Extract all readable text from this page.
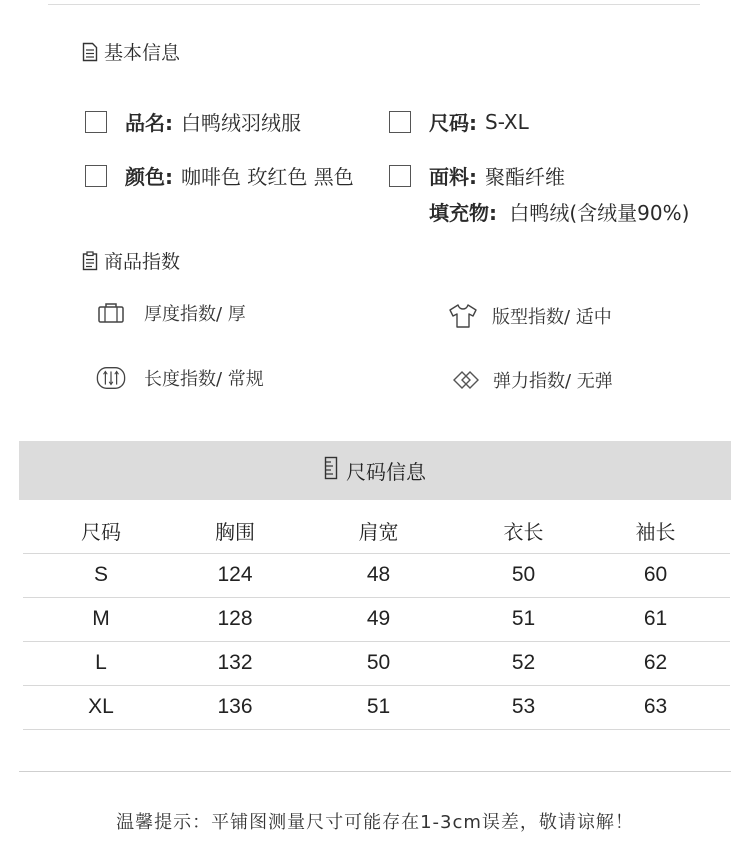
基本信息
品名: 白鸭绒羽绒服	尺码: S-XL
颜色: 咖啡色 玫红色 黑色	面料: 聚酯纤维
填充物: 白鸭绒(含绒量90%)
商品指数
厚度指数/ 厚	版型指数/ 适中
长度指数/ 常规	弹力指数/ 无弹
尺码信息
尺码	胸围	肩宽	衣长	袖长
S	124	48	50	60
M	128	49	51	61
L	132	50	52	62
XL	136	51	53	63
温馨提示：平铺图测量尺寸可能存在1-3cm误差，敬请谅解！
